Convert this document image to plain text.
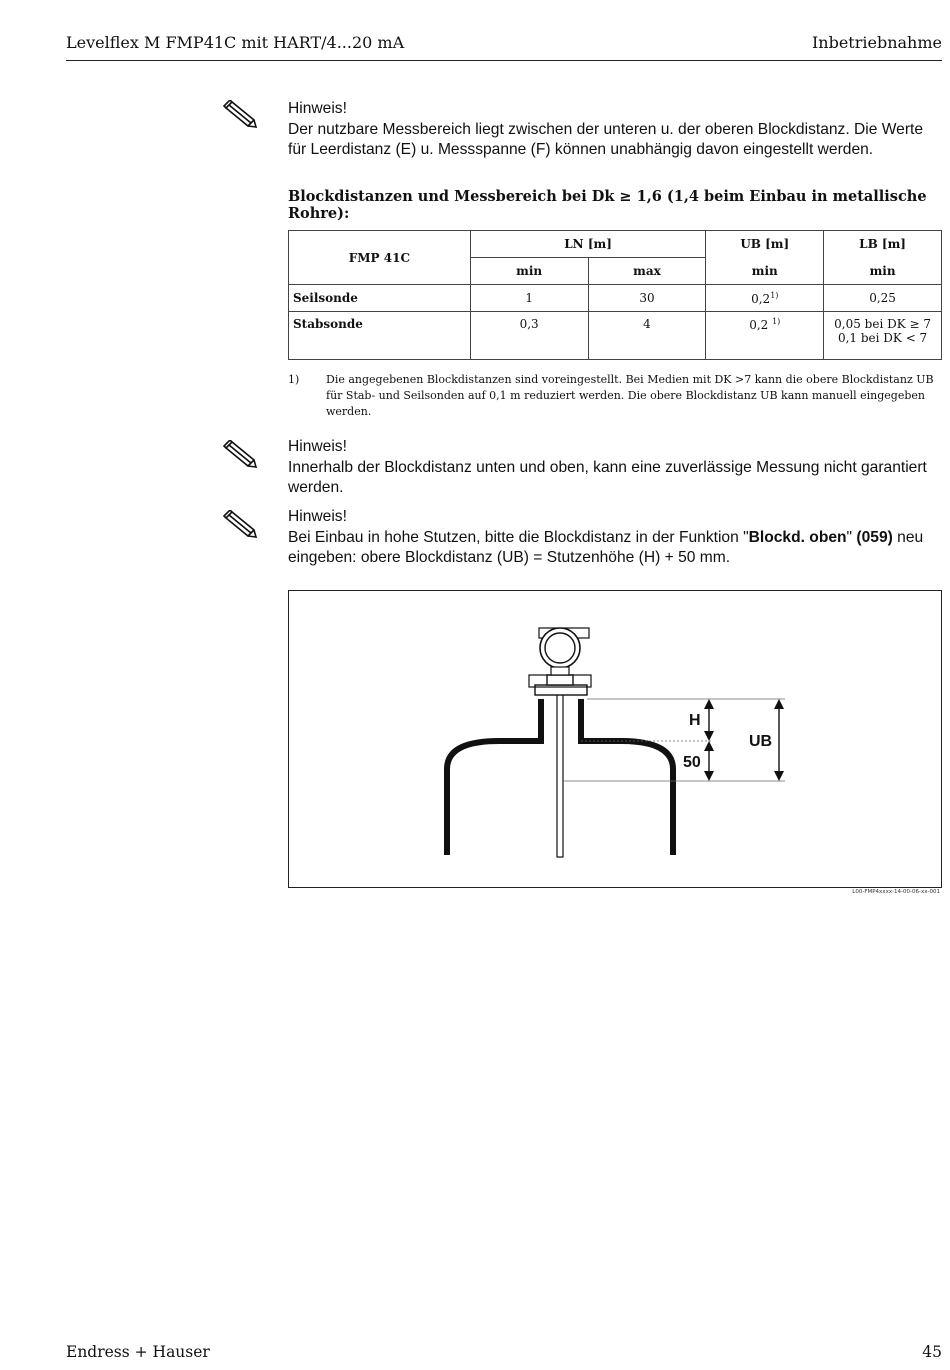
Levelflex M FMP41C mit HART/4...20 mA	Inbetriebnahme
Hinweis!
Der nutzbare Messbereich liegt zwischen der unteren u. der oberen Blockdistanz. Die Werte für Leerdistanz (E) u. Messspanne (F) können unabhängig davon eingestellt werden.
Blockdistanzen und Messbereich bei Dk ≥ 1,6 (1,4 beim Einbau in metallische Rohre):
FMP 41C	LN [m]		UB [m]	LB [m]
	min	max	min	min
Seilsonde	1	30	0,2$^{1)}$	0,25
Stabsonde	0,3	4	0,2 $^{1)}$	0,05 bei DK ≥ 7
0,1 bei DK < 7
1) Die angegebenen Blockdistanzen sind voreingestellt. Bei Medien mit DK >7 kann die obere Blockdistanz UB für Stab- und Seilsonden auf 0,1 m reduziert werden. Die obere Blockdistanz UB kann manuell eingegeben werden.
Hinweis!
Innerhalb der Blockdistanz unten und oben, kann eine zuverlässige Messung nicht garantiert werden.
Hinweis!
Bei Einbau in hohe Stutzen, bitte die Blockdistanz in der Funktion "Blockd. oben" (059) neu eingeben: obere Blockdistanz (UB) = Stutzenhöhe (H) + 50 mm.
H
50
UB
L00-FMP4xxxx-14-00-06-xx-001
Endress + Hauser	45
